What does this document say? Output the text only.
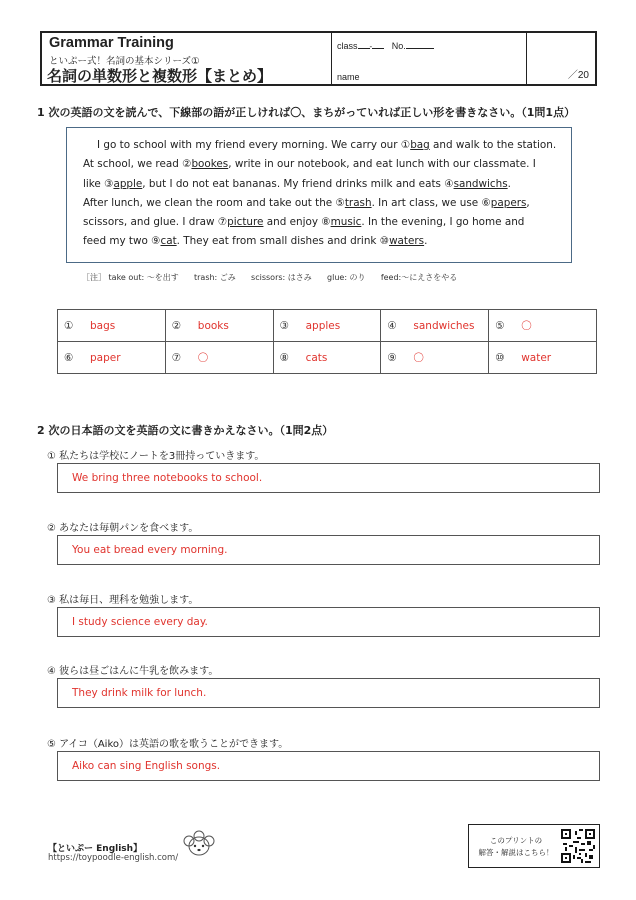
Grammar Training
といぷー式！名詞の基本シリーズ①
名詞の単数形と複数形【まとめ】
class - No.
name	／20
1 次の英語の文を読んで、下線部の語が正しければ〇、まちがっていれば正しい形を書きなさい。（1問1点）
I go to school with my friend every morning. We carry our ①bag and walk to the station.
At school, we read ②bookes, write in our notebook, and eat lunch with our classmate. I
like ③apple, but I do not eat bananas. My friend drinks milk and eats ④sandwichs.
After lunch, we clean the room and take out the ⑤trash. In art class, we use ⑥papers,
scissors, and glue. I draw ⑦picture and enjoy ⑧music. In the evening, I go home and
feed my two ⑨cat. They eat from small dishes and drink ⑩waters.
［注］ take out: ～を出す      trash: ごみ      scissors: はさみ      glue: のり      feed:～にえさをやる
① bags	② books	③ apples	④ sandwiches	⑤ 〇
⑥ paper	⑦ 〇	⑧ cats	⑨ 〇	⑩ water
2 次の日本語の文を英語の文に書きかえなさい。（1問2点）
① 私たちは学校にノートを3冊持っていきます。
We bring three notebooks to school.
② あなたは毎朝パンを食べます。
You eat bread every morning.
③ 私は毎日、理科を勉強します。
I study science every day.
④ 彼らは昼ごはんに牛乳を飲みます。
They drink milk for lunch.
⑤ アイコ（Aiko）は英語の歌を歌うことができます。
Aiko can sing English songs.
【といぷー English】
https://toypoodle-english.com/
このプリントの
解答・解説はこちら！
